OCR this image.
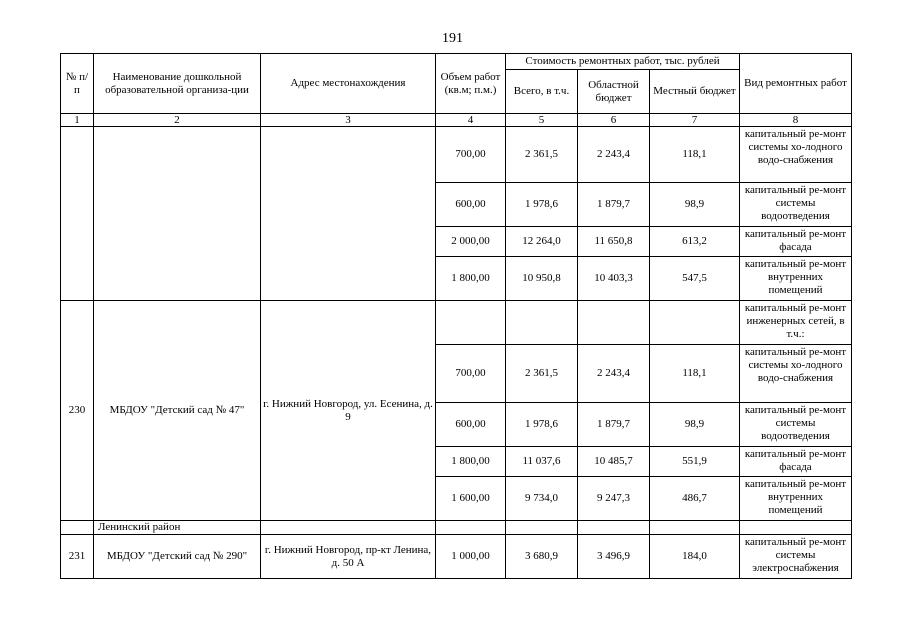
191
№ п/п	Наименование дошкольной образовательной организа-ции	Адрес местонахождения	Объем работ (кв.м; п.м.)	Стоимость ремонтных работ, тыс. рублей			Вид ремонтных работ
				Всего, в т.ч.	Областной бюджет	Местный бюджет	
1	2	3	4	5	6	7	8
			700,00	2 361,5	2 243,4	118,1	капитальный ре-монт системы хо-лодного водо-снабжения
			600,00	1 978,6	1 879,7	98,9	капитальный ре-монт системы водоотведения
			2 000,00	12 264,0	11 650,8	613,2	капитальный ре-монт фасада
			1 800,00	10 950,8	10 403,3	547,5	капитальный ре-монт внутренних помещений
230	МБДОУ "Детский сад № 47"	г. Нижний Новгород, ул. Есенина, д. 9					капитальный ре-монт инженерных сетей, в т.ч.:
			700,00	2 361,5	2 243,4	118,1	капитальный ре-монт системы хо-лодного водо-снабжения
			600,00	1 978,6	1 879,7	98,9	капитальный ре-монт системы водоотведения
			1 800,00	11 037,6	10 485,7	551,9	капитальный ре-монт фасада
			1 600,00	9 734,0	9 247,3	486,7	капитальный ре-монт внутренних помещений
	Ленинский район						
231	МБДОУ "Детский сад № 290"	г. Нижний Новгород, пр-кт Ленина, д. 50 А	1 000,00	3 680,9	3 496,9	184,0	капитальный ре-монт системы электроснабжения
